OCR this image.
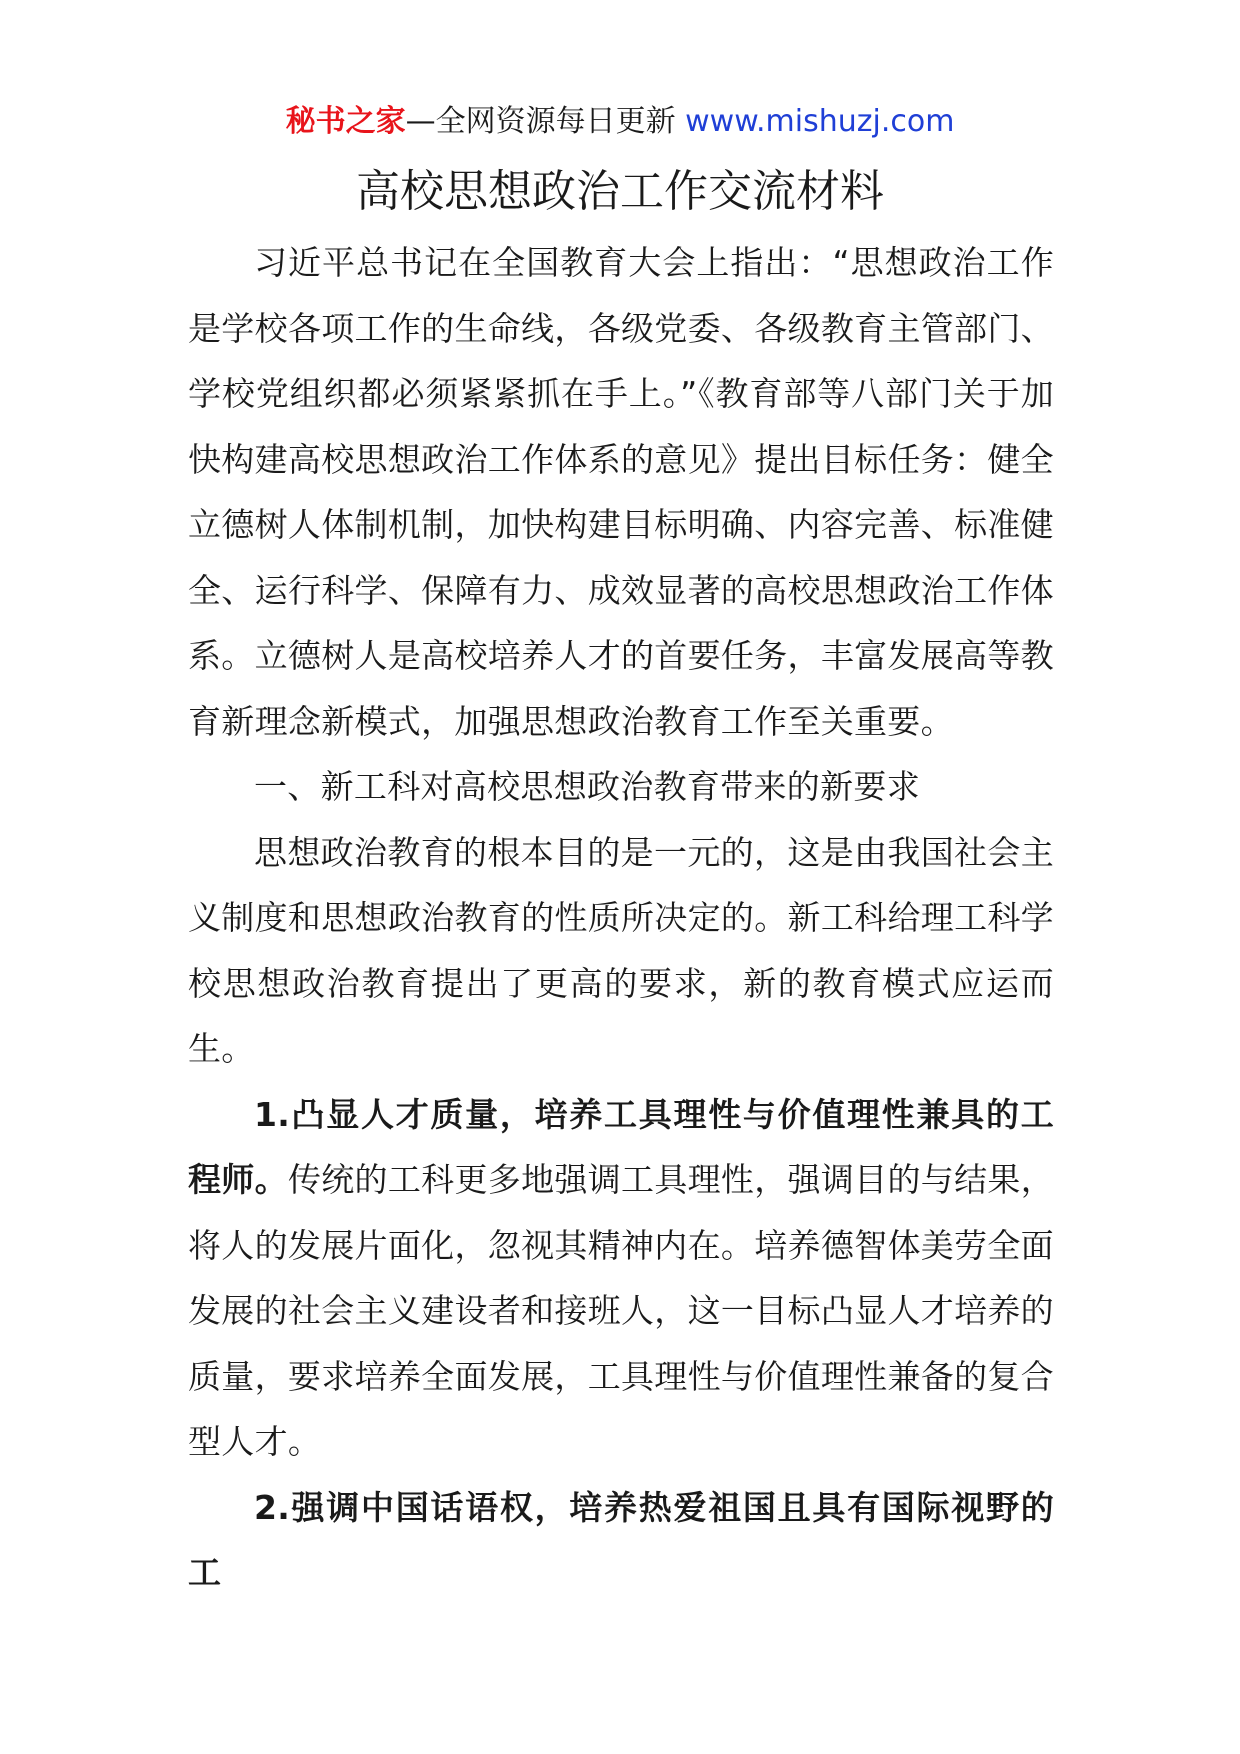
秘书之家—全网资源每日更新 www.mishuzj.com
高校思想政治工作交流材料

习近平总书记在全国教育大会上指出：“思想政治工作是学校各项工作的生命线，各级党委、各级教育主管部门、学校党组织都必须紧紧抓在手上。”《教育部等八部门关于加快构建高校思想政治工作体系的意见》提出目标任务：健全立德树人体制机制，加快构建目标明确、内容完善、标准健全、运行科学、保障有力、成效显著的高校思想政治工作体系。立德树人是高校培养人才的首要任务，丰富发展高等教育新理念新模式，加强思想政治教育工作至关重要。

一、新工科对高校思想政治教育带来的新要求

思想政治教育的根本目的是一元的，这是由我国社会主义制度和思想政治教育的性质所决定的。新工科给理工科学校思想政治教育提出了更高的要求，新的教育模式应运而生。

1.凸显人才质量，培养工具理性与价值理性兼具的工程师。传统的工科更多地强调工具理性，强调目的与结果，将人的发展片面化，忽视其精神内在。培养德智体美劳全面发展的社会主义建设者和接班人，这一目标凸显人才培养的质量，要求培养全面发展，工具理性与价值理性兼备的复合型人才。

2.强调中国话语权，培养热爱祖国且具有国际视野的工
